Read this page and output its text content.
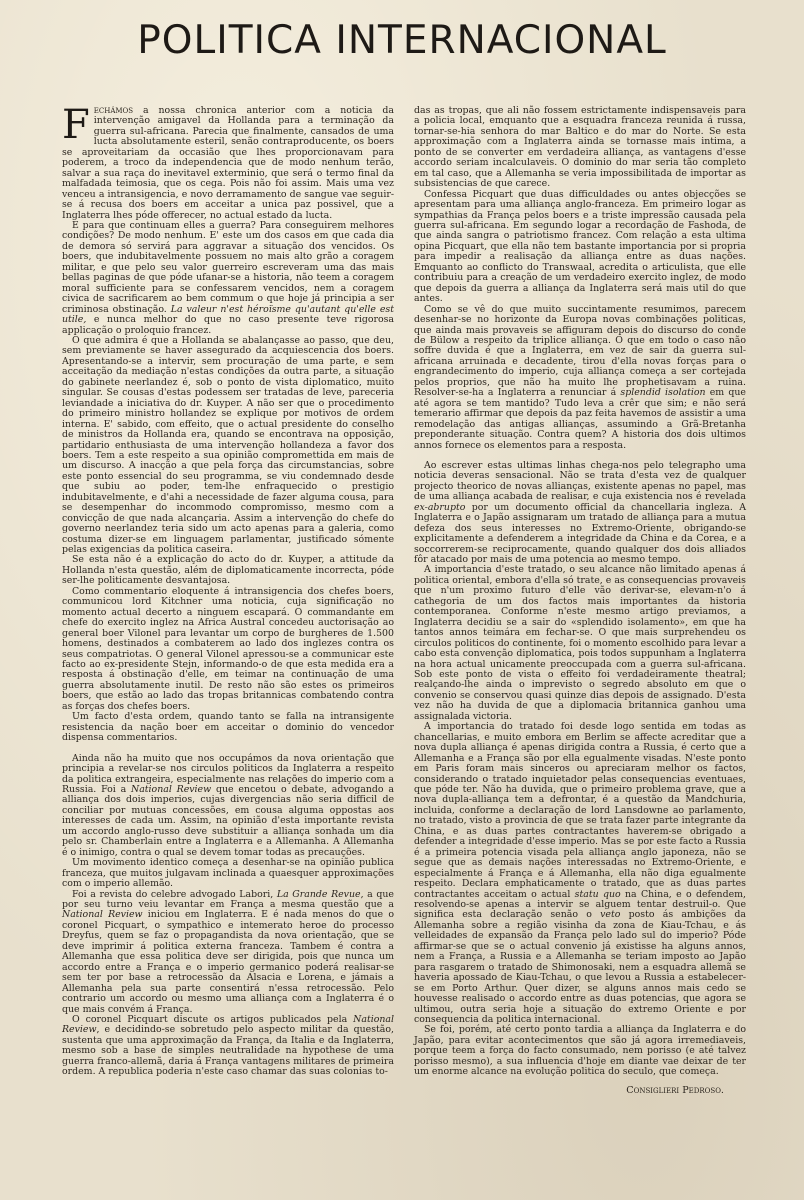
POLITICA INTERNACIONAL

Fechámos a nossa chronica anterior com a noticia da intervenção amigavel da Hollanda para a terminação da guerra sul-africana. Parecia que finalmente, cansados de uma lucta absolutamente esteril, senão contraproducente, os boers se aproveitariam da occasião que lhes proporcionavam para poderem, a troco da independencia que de modo nenhum terão, salvar a sua raça do inevitavel exterminio, que será o termo final da malfadada teimosia, que os cega. Pois não foi assim. Mais uma vez venceu a intransigencia, e novo derramamento de sangue vae seguir-se á recusa dos boers em acceitar a unica paz possivel, que a Inglaterra lhes póde offerecer, no actual estado da lucta.

E para que continuam elles a guerra? Para conseguirem melhores condições? De modo nenhum. E' este um dos casos em que cada dia de demora só servirá para aggravar a situação dos vencidos. Os boers, que indubitavelmente possuem no mais alto grão a coragem militar, e que pelo seu valor guerreiro escreveram uma das mais bellas paginas de que póde ufanar-se a historia, não teem a coragem moral sufficiente para se confessarem vencidos, nem a coragem civica de sacrificarem ao bem commum o que hoje já principia a ser criminosa obstinação. La valeur n'est héroïsme qu'autant qu'elle est utile, e nunca melhor do que no caso presente teve rigorosa applicação o proloquio francez.

O que admira é que a Hollanda se abalançasse ao passo, que deu, sem previamente se haver assegurado da acquiescencia dos boers. Apresentando-se a intervir, sem procuração de uma parte, e sem acceitação da mediação n'estas condições da outra parte, a situação do gabinete neerlandez é, sob o ponto de vista diplomatico, muito singular. Se cousas d'estas podessem ser tratadas de leve, pareceria leviandade a iniciativa do dr. Kuyper. A não ser que o procedimento do primeiro ministro hollandez se explique por motivos de ordem interna. E' sabido, com effeito, que o actual presidente do conselho de ministros da Hollanda era, quando se encontrava na opposição, partidario enthusiasta de uma intervenção hollandeza a favor dos boers. Tem a este respeito a sua opinião compromettida em mais de um discurso. A inacção a que pela força das circumstancias, sobre este ponto essencial do seu programma, se viu condemnado desde que subiu ao poder, tem-lhe enfraquecido o prestigio indubitavelmente, e d'ahi a necessidade de fazer alguma cousa, para se desempenhar do incommodo compromisso, mesmo com a convicção de que nada alcançaria. Assim a intervenção do chefe do governo neerlandez teria sido um acto apenas para a galeria, como costuma dizer-se em linguagem parlamentar, justificado sómente pelas exigencias da politica caseira.

Se esta não é a explicação do acto do dr. Kuyper, a attitude da Hollanda n'esta questão, além de diplomaticamente incorrecta, póde ser-lhe politicamente desvantajosa.

Como commentario eloquente á intransigencia dos chefes boers, communicou lord Kitchner uma noticia, cuja significação no momento actual decerto a ninguem escapará. O commandante em chefe do exercito inglez na Africa Austral concedeu auctorisação ao general boer Vilonel para levantar um corpo de burgheres de 1.500 homens, destinados a combaterem ao lado dos inglezes contra os seus compatriotas. O general Vilonel apressou-se a communicar este facto ao ex-presidente Stejn, informando-o de que esta medida era a resposta á obstinação d'elle, em teimar na continuação de uma guerra absolutamente inutil. De resto não são estes os primeiros boers, que estão ao lado das tropas britannicas combatendo contra as forças dos chefes boers.

Um facto d'esta ordem, quando tanto se falla na intransigente resistencia da nação boer em acceitar o dominio do vencedor dispensa commentarios.

Ainda não ha muito que nos occupámos da nova orientação que principia a revelar-se nos circulos politicos da Inglaterra a respeito da politica extrangeira, especialmente nas relações do imperio com a Russia. Foi a National Review que encetou o debate, advogando a alliança dos dois imperios, cujas divergencias não seria difficil de conciliar por mutuas concessões, em cousa alguma oppostas aos interesses de cada um. Assim, na opinião d'esta importante revista um accordo anglo-russo deve substituir a alliança sonhada um dia pelo sr. Chamberlain entre a Inglaterra e a Allemanha. A Allemanha é o inimigo, contra o qual se devem tomar todas as precauções.

Um movimento identico começa a desenhar-se na opinião publica franceza, que muitos julgavam inclinada a quaesquer approximações com o imperio allemão.

Foi a revista do celebre advogado Labori, La Grande Revue, a que por seu turno veiu levantar em França a mesma questão que a National Review iniciou em Inglaterra. E é nada menos do que o coronel Picquart, o sympathico e intemerato heroe do processo Dreyfus, quem se faz o propagandista da nova orientação, que se deve imprimir á politica externa franceza. Tambem é contra a Allemanha que essa politica deve ser dirigida, pois que nunca um accordo entre a França e o imperio germanico poderá realisar-se sem ter por base a retrocessão da Alsacia e Lorena, e jámais a Allemanha pela sua parte consentirá n'essa retrocessão. Pelo contrario um accordo ou mesmo uma alliança com a Inglaterra é o que mais convém á França.

O coronel Picquart discute os artigos publicados pela National Review, e decidindo-se sobretudo pelo aspecto militar da questão, sustenta que uma approximação da França, da Italia e da Inglaterra, mesmo sob a base de simples neutralidade na hypothese de uma guerra franco-allemã, daria á França vantagens militares de primeira ordem. A republica poderia n'este caso chamar das suas colonias to-

das as tropas, que ali não fossem estrictamente indispensaveis para a policia local, emquanto que a esquadra franceza reunida á russa, tornar-se-hia senhora do mar Baltico e do mar do Norte. Se esta approximação com a Inglaterra ainda se tornasse mais intima, a ponto de se converter em verdadeira alliança, as vantagens d'esse accordo seriam incalculaveis. O dominio do mar seria tão completo em tal caso, que a Allemanha se veria impossibilitada de importar as subsistencias de que carece.

Confessa Picquart que duas difficuldades ou antes objecções se apresentam para uma alliança anglo-franceza. Em primeiro logar as sympathias da França pelos boers e a triste impressão causada pela guerra sul-africana. Em segundo logar a recordação de Fashoda, de que ainda sangra o patriotismo francez. Com relação a esta ultima opina Picquart, que ella não tem bastante importancia por si propria para impedir a realisação da alliança entre as duas nações. Emquanto ao conflicto do Transwaal, acredita o articulista, que elle contribuiu para a creação de um verdadeiro exercito inglez, de modo que depois da guerra a alliança da Inglaterra será mais util do que antes.

Como se vê do que muito succintamente resumimos, parecem desenhar-se no horizonte da Europa novas combinações politicas, que ainda mais provaveis se affiguram depois do discurso do conde de Bülow a respeito da triplice alliança. O que em todo o caso não soffre duvida é que a Inglaterra, em vez de sair da guerra sul-africana arruinada e decadente, tirou d'ella novas forças para o engrandecimento do imperio, cuja alliança começa a ser cortejada pelos proprios, que não ha muito lhe prophetisavam a ruina. Resolver-se-ha a Inglaterra a renunciar á splendid isolation em que até agora se tem mantido? Tudo leva a crêr que sim; e não será temerario affirmar que depois da paz feita havemos de assistir a uma remodelação das antigas allianças, assumindo a Grã-Bretanha preponderante situação. Contra quem? A historia dos dois ultimos annos fornece os elementos para a resposta.

Ao escrever estas ultimas linhas chega-nos pelo telegrapho uma noticia deveras sensacional. Não se trata d'esta vez de qualquer projecto theorico de novas allianças, existente apenas no papel, mas de uma alliança acabada de realisar, e cuja existencia nos é revelada ex-abrupto por um documento official da chancellaria ingleza. A Inglaterra e o Japão assignaram um tratado de alliança para a mutua defeza dos seus interesses no Extremo-Oriente, obrigando-se explicitamente a defenderem a integridade da China e da Corea, e a soccorrerem-se reciprocamente, quando qualquer dos dois alliados fôr atacado por mais de uma potencia ao mesmo tempo.

A importancia d'este tratado, o seu alcance não limitado apenas á politica oriental, embora d'ella só trate, e as consequencias provaveis que n'um proximo futuro d'elle vão derivar-se, elevam-n'o á cathegoria de um dos factos mais importantes da historia contemporanea. Conforme n'este mesmo artigo previamos, a Inglaterra decidiu se a sair do «splendido isolamento», em que ha tantos annos teimára em fechar-se. O que mais surprehendeu os circulos politicos do continente, foi o momento escolhido para levar a cabo esta convenção diplomatica, pois todos suppunham a Inglaterra na hora actual unicamente preoccupada com a guerra sul-africana. Sob este ponto de vista o effeito foi verdadeiramente theatral; realçando-lhe ainda o imprevisto o segredo absoluto em que o convenio se conservou quasi quinze dias depois de assignado. D'esta vez não ha duvida de que a diplomacia britannica ganhou uma assignalada victoria.

A importancia do tratado foi desde logo sentida em todas as chancellarias, e muito embora em Berlim se affecte acreditar que a nova dupla alliança é apenas dirigida contra a Russia, é certo que a Allemanha e a França são por ella egualmente visadas. N'este ponto em Paris foram mais sinceros ou apreciaram melhor os factos, considerando o tratado inquietador pelas consequencias eventuaes, que póde ter. Não ha duvida, que o primeiro problema grave, que a nova dupla-alliança tem a defrontar, é a questão da Mandchuria, incluida, conforme a declaração de lord Lansdowne ao parlamento, no tratado, visto a provincia de que se trata fazer parte integrante da China, e as duas partes contractantes haverem-se obrigado a defender a integridade d'esse imperio. Mas se por este facto a Russia é a primeira potencia visada pela alliança anglo japoneza, não se segue que as demais nações interessadas no Extremo-Oriente, e especialmente á França e á Allemanha, ella não diga egualmente respeito. Declara emphaticamente o tratado, que as duas partes contractantes acceitam o actual statu quo na China, e o defendem, resolvendo-se apenas a intervir se alguem tentar destruil-o. Que significa esta declaração senão o veto posto ás ambições da Allemanha sobre a região visinha da zona de Kiau-Tchau, e ás velleidades de expansão da França pelo lado sul do imperio? Póde affirmar-se que se o actual convenio já existisse ha alguns annos, nem a França, a Russia e a Allemanha se teriam imposto ao Japão para rasgarem o tratado de Shimonosaki, nem a esquadra allemã se haveria apossado de Kiau-Tchau, o que levou a Russia a estabelecer-se em Porto Arthur. Quer dizer, se alguns annos mais cedo se houvesse realisado o accordo entre as duas potencias, que agora se ultimou, outra seria hoje a situação do extremo Oriente e por consequencia da politica internacional.

Se foi, porém, até certo ponto tardia a alliança da Inglaterra e do Japão, para evitar acontecimentos que são já agora irremediaveis, porque teem a força do facto consumado, nem porisso (e até talvez porisso mesmo), a sua influencia d'hoje em diante vae deixar de ter um enorme alcance na evolução politica do seculo, que começa.

Consiglieri Pedroso.
